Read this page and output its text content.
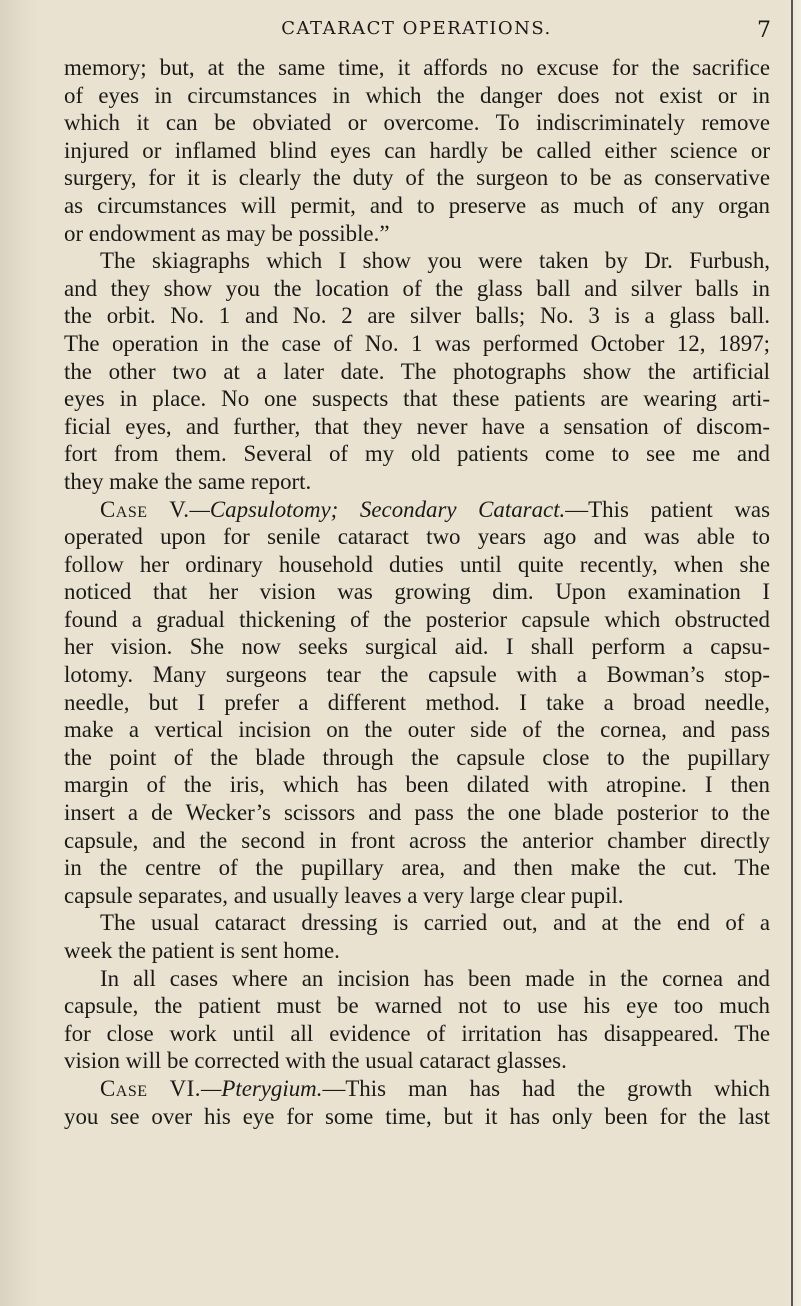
CATARACT OPERATIONS.	7
memory; but, at the same time, it affords no excuse for the sacrifice
of eyes in circumstances in which the danger does not exist or in
which it can be obviated or overcome. To indiscriminately remove
injured or inflamed blind eyes can hardly be called either science or
surgery, for it is clearly the duty of the surgeon to be as conservative
as circumstances will permit, and to preserve as much of any organ
or endowment as may be possible.”
The skiagraphs which I show you were taken by Dr. Furbush,
and they show you the location of the glass ball and silver balls in
the orbit. No. 1 and No. 2 are silver balls; No. 3 is a glass ball.
The operation in the case of No. 1 was performed October 12, 1897;
the other two at a later date. The photographs show the artificial
eyes in place. No one suspects that these patients are wearing arti-
ficial eyes, and further, that they never have a sensation of discom-
fort from them. Several of my old patients come to see me and
they make the same report.
Case V.—Capsulotomy; Secondary Cataract.—This patient was
operated upon for senile cataract two years ago and was able to
follow her ordinary household duties until quite recently, when she
noticed that her vision was growing dim. Upon examination I
found a gradual thickening of the posterior capsule which obstructed
her vision. She now seeks surgical aid. I shall perform a capsu-
lotomy. Many surgeons tear the capsule with a Bowman’s stop-
needle, but I prefer a different method. I take a broad needle,
make a vertical incision on the outer side of the cornea, and pass
the point of the blade through the capsule close to the pupillary
margin of the iris, which has been dilated with atropine. I then
insert a de Wecker’s scissors and pass the one blade posterior to the
capsule, and the second in front across the anterior chamber directly
in the centre of the pupillary area, and then make the cut. The
capsule separates, and usually leaves a very large clear pupil.
The usual cataract dressing is carried out, and at the end of a
week the patient is sent home.
In all cases where an incision has been made in the cornea and
capsule, the patient must be warned not to use his eye too much
for close work until all evidence of irritation has disappeared. The
vision will be corrected with the usual cataract glasses.
Case VI.—Pterygium.—This man has had the growth which
you see over his eye for some time, but it has only been for the last
